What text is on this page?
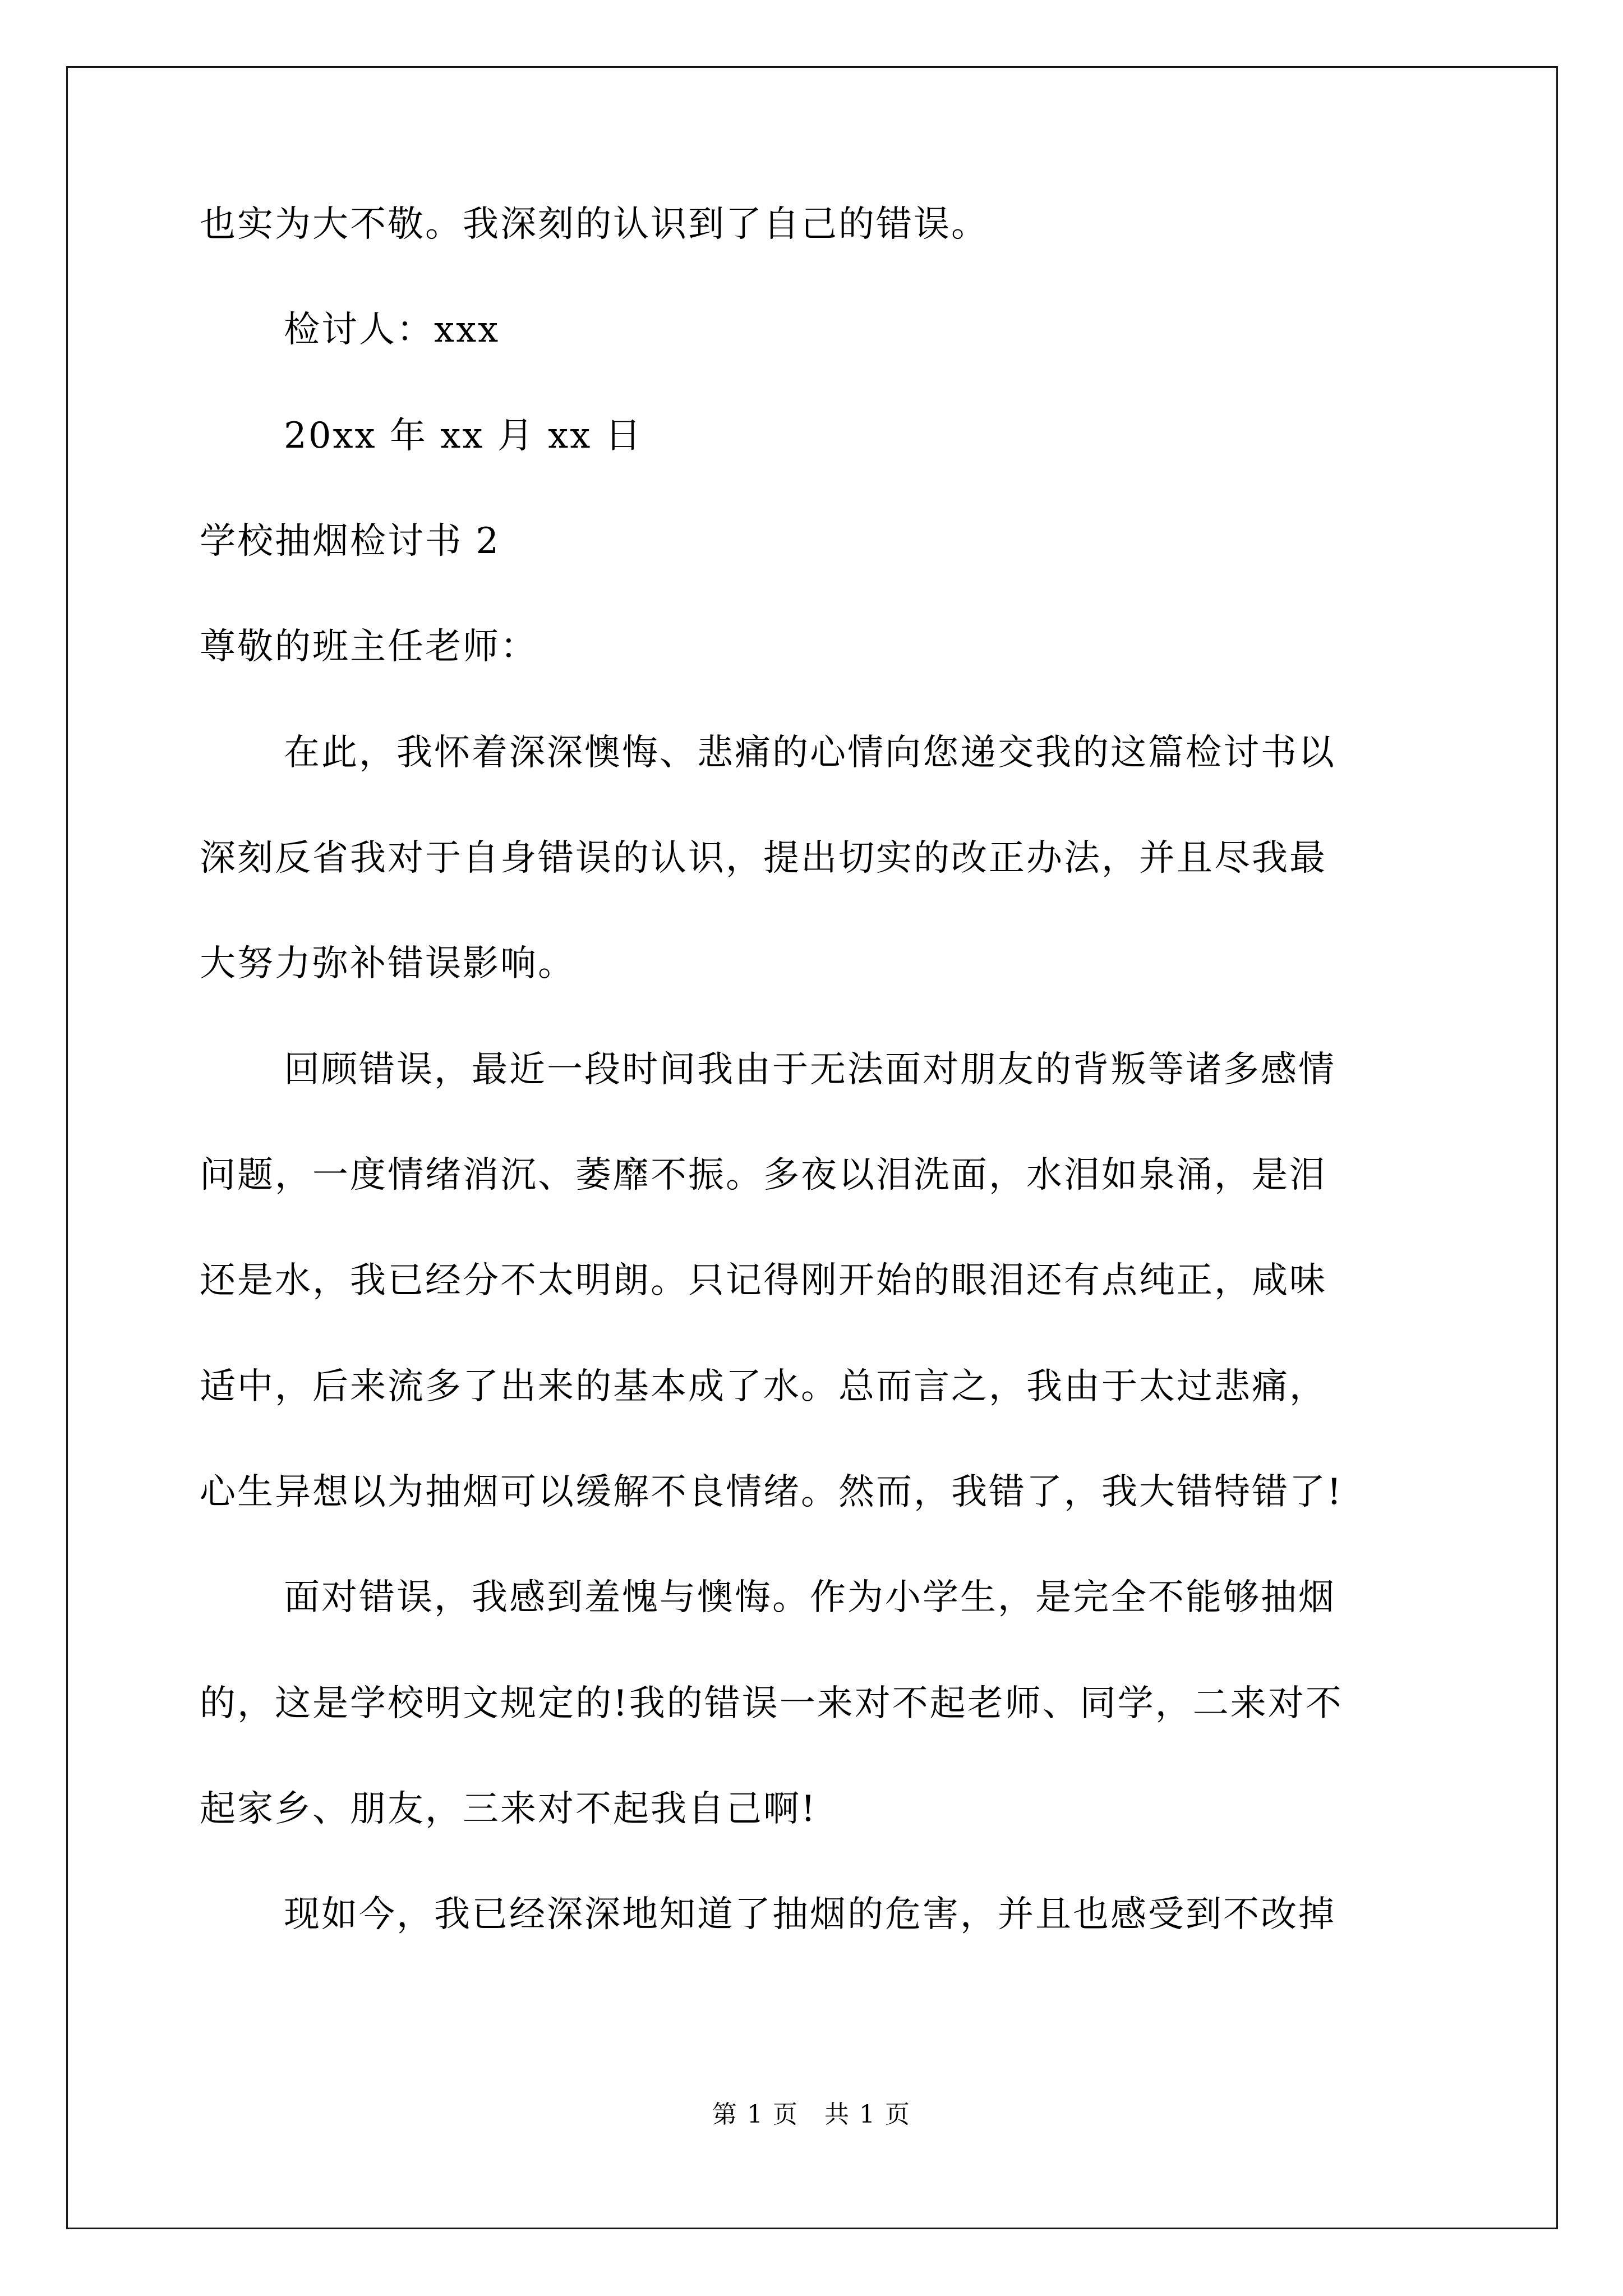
也实为大不敬。我深刻的认识到了自己的错误。
检讨人：xxx
20xx 年 xx 月 xx 日
学校抽烟检讨书 2
尊敬的班主任老师：
在此，我怀着深深懊悔、悲痛的心情向您递交我的这篇检讨书以
深刻反省我对于自身错误的认识，提出切实的改正办法，并且尽我最
大努力弥补错误影响。
回顾错误，最近一段时间我由于无法面对朋友的背叛等诸多感情
问题，一度情绪消沉、萎靡不振。多夜以泪洗面，水泪如泉涌，是泪
还是水，我已经分不太明朗。只记得刚开始的眼泪还有点纯正，咸味
适中，后来流多了出来的基本成了水。总而言之，我由于太过悲痛，
心生异想以为抽烟可以缓解不良情绪。然而，我错了，我大错特错了!
面对错误，我感到羞愧与懊悔。作为小学生，是完全不能够抽烟
的，这是学校明文规定的!我的错误一来对不起老师、同学，二来对不
起家乡、朋友，三来对不起我自己啊!
现如今，我已经深深地知道了抽烟的危害，并且也感受到不改掉
第 1 页　共 1 页
